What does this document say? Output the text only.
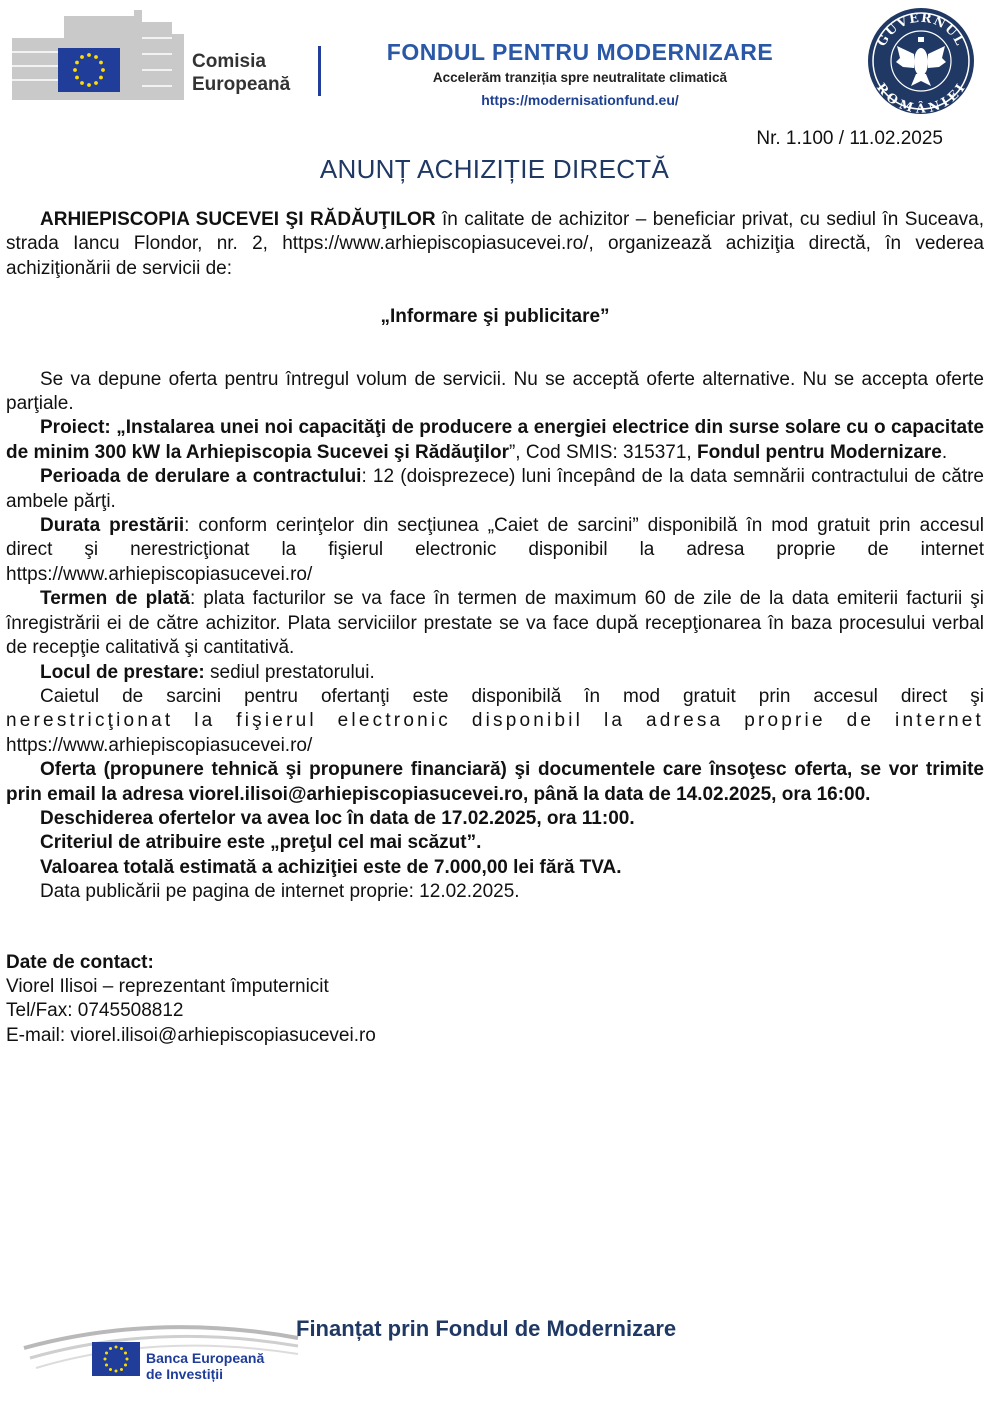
Comisia
Europeană
FONDUL PENTRU MODERNIZARE
Accelerăm tranziția spre neutralitate climatică
https://modernisationfund.eu/
GUVERNUL
ROMÂNIEI
Nr. 1.100 / 11.02.2025
ANUNȚ ACHIZIȚIE DIRECTĂ

ARHIEPISCOPIA SUCEVEI ŞI RĂDĂUŢILOR în calitate de achizitor – beneficiar privat, cu sediul în Suceava, strada Iancu Flondor, nr. 2, https://www.arhiepiscopiasucevei.ro/, organizează achiziţia directă, în vederea achiziţionării de servicii de:

„Informare şi publicitare”

Se va depune oferta pentru întregul volum de servicii. Nu se acceptă oferte alternative. Nu se accepta oferte parţiale.

Proiect: „Instalarea unei noi capacităţi de producere a energiei electrice din surse solare cu o capacitate de minim 300 kW la Arhiepiscopia Sucevei şi Rădăuţilor”, Cod SMIS: 315371, Fondul pentru Modernizare.

Perioada de derulare a contractului: 12 (doisprezece) luni începând de la data semnării contractului de către ambele părţi.

Durata prestării: conform cerinţelor din secţiunea „Caiet de sarcini” disponibilă în mod gratuit prin accesul direct şi nerestricţionat la fişierul electronic disponibil la adresa proprie de internet https://www.arhiepiscopiasucevei.ro/

Termen de plată: plata facturilor se va face în termen de maximum 60 de zile de la data emiterii facturii şi înregistrării ei de către achizitor. Plata serviciilor prestate se va face după recepţionarea în baza procesului verbal de recepţie calitativă şi cantitativă.

Locul de prestare: sediul prestatorului.

Caietul de sarcini pentru ofertanţi este disponibilă în mod gratuit prin accesul direct şi

nerestricţionat la fişierul electronic disponibil la adresa proprie de internet

https://www.arhiepiscopiasucevei.ro/

Oferta (propunere tehnică şi propunere financiară) şi documentele care însoţesc oferta, se vor trimite prin email la adresa viorel.ilisoi@arhiepiscopiasucevei.ro, până la data de 14.02.2025, ora 16:00.

Deschiderea ofertelor va avea loc în data de 17.02.2025, ora 11:00.

Criteriul de atribuire este „preţul cel mai scăzut”.

Valoarea totală estimată a achiziţiei este de 7.000,00 lei fără TVA.

Data publicării pe pagina de internet proprie: 12.02.2025.

Date de contact:

Viorel Ilisoi – reprezentant împuternicit

Tel/Fax: 0745508812

E-mail: viorel.ilisoi@arhiepiscopiasucevei.ro

Banca Europeană
de Investiții
Finanțat prin Fondul de Modernizare
